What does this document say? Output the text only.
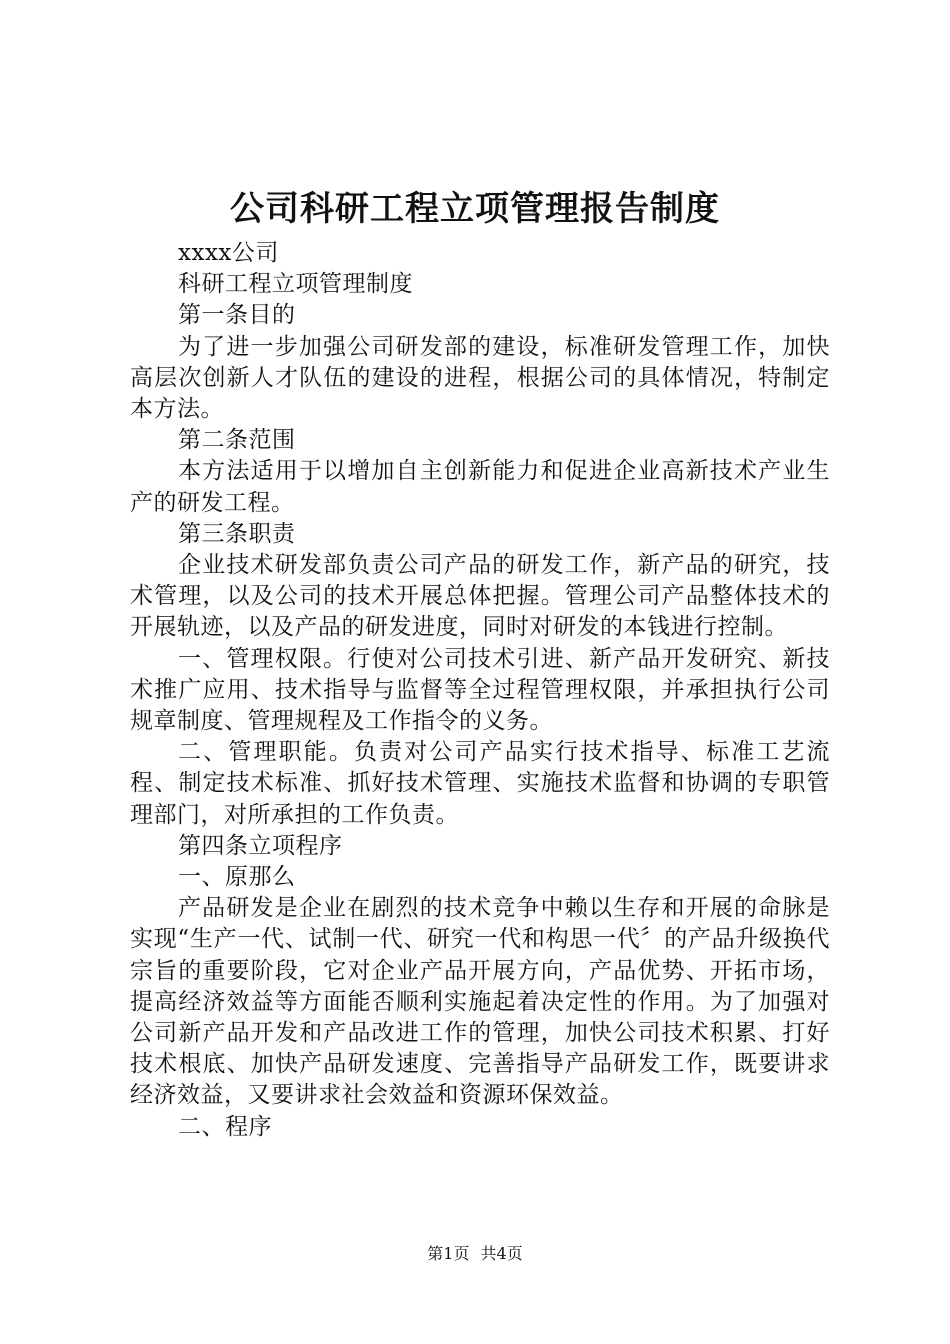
公司科研工程立项管理报告制度

xxxx公司

科研工程立项管理制度

第一条目的

为了进一步加强公司研发部的建设，标准研发管理工作，加快高层次创新人才队伍的建设的进程，根据公司的具体情况，特制定本方法。

第二条范围

本方法适用于以增加自主创新能力和促进企业高新技术产业生产的研发工程。

第三条职责

企业技术研发部负责公司产品的研发工作，新产品的研究，技术管理，以及公司的技术开展总体把握。管理公司产品整体技术的开展轨迹，以及产品的研发进度，同时对研发的本钱进行控制。

一、管理权限。行使对公司技术引进、新产品开发研究、新技术推广应用、技术指导与监督等全过程管理权限，并承担执行公司规章制度、管理规程及工作指令的义务。

二、管理职能。负责对公司产品实行技术指导、标准工艺流程、制定技术标准、抓好技术管理、实施技术监督和协调的专职管理部门，对所承担的工作负责。

第四条立项程序

一、原那么

产品研发是企业在剧烈的技术竞争中赖以生存和开展的命脉是实现“生产一代、试制一代、研究一代和构思一代〞的产品升级换代宗旨的重要阶段，它对企业产品开展方向，产品优势、开拓市场，提高经济效益等方面能否顺利实施起着决定性的作用。为了加强对公司新产品开发和产品改进工作的管理，加快公司技术积累、打好技术根底、加快产品研发速度、完善指导产品研发工作，既要讲求经济效益，又要讲求社会效益和资源环保效益。

二、程序

第1页 共4页
